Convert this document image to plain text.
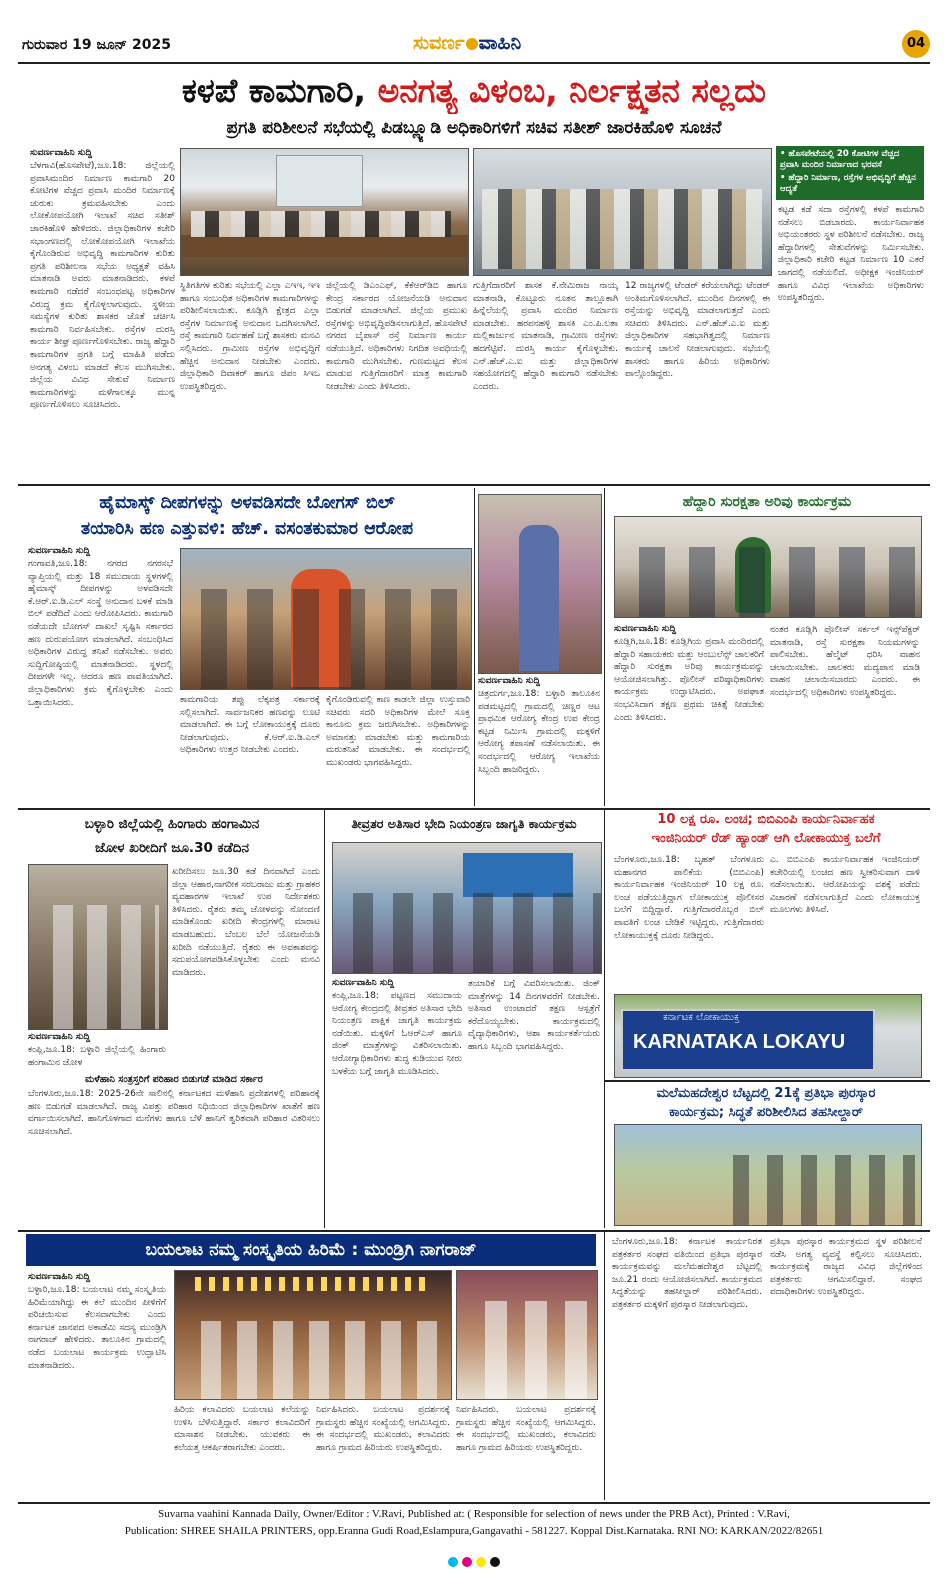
ಗುರುವಾರ 19 ಜೂನ್ 2025	ಸುವರ್ಣ ವಾಹಿನಿ	04
ಕಳಪೆ ಕಾಮಗಾರಿ, ಅನಗತ್ಯ ವಿಳಂಬ, ನಿರ್ಲಕ್ಷ್ಯತನ ಸಲ್ಲದು
ಪ್ರಗತಿ ಪರಿಶೀಲನೆ ಸಭೆಯಲ್ಲಿ ಪಿಡಬ್ಲ್ಯೂಡಿ ಅಧಿಕಾರಿಗಳಿಗೆ ಸಚಿವ ಸತೀಶ್ ಜಾರಕಿಹೊಳಿ ಸೂಚನೆ
ಸುವರ್ಣವಾಹಿನಿ ಸುದ್ದಿ
ಬೆಳಗಾವಿ(ಹೊಸಪೇಟೆ),ಜೂ.18: ಜಿಲ್ಲೆಯಲ್ಲಿ ಪ್ರವಾಸಿಮಂದಿರ ನಿರ್ಮಾಣ ಕಾಮಗಾರಿ 20 ಕೋಟಿಗಳ ವೆಚ್ಚದ ಪ್ರವಾಸಿ ಮಂದಿರ ನಿರ್ಮಾಣಕ್ಕೆ ಚುರುಕು ಕ್ರಮವಹಿಸಬೇಕು ಎಂದು ಲೋಕೋಪಯೋಗಿ ಇಲಾಖೆ ಸಚಿವ ಸತೀಶ್ ಜಾರಕಿಹೊಳಿ ಹೇಳಿದರು. ಜಿಲ್ಲಾಧಿಕಾರಿಗಳ ಕಚೇರಿ ಸಭಾಂಗಣದಲ್ಲಿ ಲೋಕೋಪಯೋಗಿ ಇಲಾಖೆಯ ಕೈಗೊಂಡಿರುವ ಅಭಿವೃದ್ಧಿ ಕಾಮಗಾರಿಗಳ ಕುರಿತು ಪ್ರಗತಿ ಪರಿಶೀಲನಾ ಸಭೆಯ ಅಧ್ಯಕ್ಷತೆ ವಹಿಸಿ ಮಾತನಾಡಿ ಅವರು ಮಾತನಾಡಿದರು. ಕಳಪೆ ಕಾಮಗಾರಿ ನಡೆದರೆ ಸಂಬಂಧಪಟ್ಟ ಅಧಿಕಾರಿಗಳ ವಿರುದ್ಧ ಕ್ರಮ ಕೈಗೊಳ್ಳಲಾಗುವುದು. ಸ್ಥಳೀಯ ಸಮಸ್ಯೆಗಳ ಕುರಿತು ಶಾಸಕರ ಜೊತೆ ಚರ್ಚಿಸಿ ಕಾಮಗಾರಿ ನಿರ್ವಹಿಸಬೇಕು. ರಸ್ತೆಗಳ ದುರಸ್ತಿ ಕಾರ್ಯ ಶೀಘ್ರ ಪೂರ್ಣಗೊಳಿಸಬೇಕು. ರಾಜ್ಯ ಹೆದ್ದಾರಿ ಕಾಮಗಾರಿಗಳ ಪ್ರಗತಿ ಬಗ್ಗೆ ಮಾಹಿತಿ ಪಡೆದು ಅನಗತ್ಯ ವಿಳಂಬ ಮಾಡದೆ ಕೆಲಸ ಮುಗಿಸಬೇಕು. ಜಿಲ್ಲೆಯ ವಿವಿಧ ಸೇತುವೆ ನಿರ್ಮಾಣ ಕಾಮಗಾರಿಗಳನ್ನು ಮಳೆಗಾಲಕ್ಕೂ ಮುನ್ನ ಪೂರ್ಣಗೊಳಿಸಲು ಸೂಚಿಸಿದರು.
ಸ್ಥಿತಿಗತಿಗಳ ಕುರಿತು ಸಭೆಯಲ್ಲಿ ಎಲ್ಲಾ ಎಇಇ, ಇಇ ಹಾಗೂ ಸಂಬಂಧಿತ ಅಧಿಕಾರಿಗಳ ಕಾಮಗಾರಿಗಳನ್ನು ಪರಿಶೀಲಿಸಲಾಯಿತು. ಕೂಡ್ಲಿಗಿ ಕ್ಷೇತ್ರದ ಎಲ್ಲಾ ರಸ್ತೆಗಳ ನಿರ್ಮಾಣಕ್ಕೆ ಅನುದಾನ ಒದಗಿಸಲಾಗಿದೆ. ರಸ್ತೆ ಕಾಮಗಾರಿ ನಿರ್ವಹಣೆ ಬಗ್ಗೆ ಶಾಸಕರು ಮನವಿ ಸಲ್ಲಿಸಿದರು. ಗ್ರಾಮೀಣ ರಸ್ತೆಗಳ ಅಭಿವೃದ್ಧಿಗೆ ಹೆಚ್ಚಿನ ಅನುದಾನ ನೀಡಬೇಕು ಎಂದರು. ಜಿಲ್ಲಾಧಿಕಾರಿ ದಿವಾಕರ್ ಹಾಗೂ ಜಿಪಂ ಸಿಇಒ ಉಪಸ್ಥಿತರಿದ್ದರು.
ಜಿಲ್ಲೆಯಲ್ಲಿ ಡಿಎಂಎಫ್, ಕೆಕೆಆರ್‌ಡಿಬಿ ಹಾಗೂ ಕೇಂದ್ರ ಸರ್ಕಾರದ ಯೋಜನೆಯಡಿ ಅನುದಾನ ಬಿಡುಗಡೆ ಮಾಡಲಾಗಿದೆ. ಜಿಲ್ಲೆಯ ಪ್ರಮುಖ ರಸ್ತೆಗಳನ್ನು ಅಭಿವೃದ್ಧಿಪಡಿಸಲಾಗುತ್ತಿದೆ. ಹೊಸಪೇಟೆ ನಗರದ ಬೈಪಾಸ್ ರಸ್ತೆ ನಿರ್ಮಾಣ ಕಾರ್ಯ ನಡೆಯುತ್ತಿದೆ. ಅಧಿಕಾರಿಗಳು ನಿಗದಿತ ಅವಧಿಯಲ್ಲಿ ಕಾಮಗಾರಿ ಮುಗಿಸಬೇಕು. ಗುಣಮಟ್ಟದ ಕೆಲಸ ಮಾಡುವ ಗುತ್ತಿಗೆದಾರರಿಗೆ ಮಾತ್ರ ಕಾಮಗಾರಿ ನೀಡಬೇಕು ಎಂದು ತಿಳಿಸಿದರು.
ಗುತ್ತಿಗೆದಾರರಿಗೆ ಶಾಸಕ ಕೆ.ನೇಮಿರಾಜ ನಾಯ್ಕ ಮಾತನಾಡಿ, ಕೊಟ್ಟೂರು ನೂತನ ತಾಲ್ಲೂಕಾಗಿ ಹಿನ್ನೆಲೆಯಲ್ಲಿ ಪ್ರವಾಸಿ ಮಂದಿರ ನಿರ್ಮಾಣ ಮಾಡಬೇಕು. ಹರಪನಹಳ್ಳಿ ಶಾಸಕಿ ಎಂ.ಪಿ.ಲತಾ ಮಲ್ಲಿಕಾರ್ಜುನ ಮಾತನಾಡಿ, ಗ್ರಾಮೀಣ ರಸ್ತೆಗಳು ಹದಗೆಟ್ಟಿವೆ. ದುರಸ್ತಿ ಕಾರ್ಯ ಕೈಗೊಳ್ಳಬೇಕು. ಎನ್.ಹೆಚ್.ಎ.ಐ ಮತ್ತು ಜಿಲ್ಲಾಧಿಕಾರಿಗಳ ಸಹಯೋಗದಲ್ಲಿ ಹೆದ್ದಾರಿ ಕಾಮಗಾರಿ ನಡೆಸಬೇಕು ಎಂದರು.
12 ರಾಜ್ಯಗಳಲ್ಲಿ ಟೆಂಡರ್ ಕರೆಯಲಾಗಿದ್ದು ಟೆಂಡರ್ ಅಂತಿಮಗೊಳಿಸಲಾಗಿದೆ. ಮುಂದಿನ ದಿನಗಳಲ್ಲಿ ಈ ರಸ್ತೆಯನ್ನು ಅಭಿವೃದ್ಧಿ ಮಾಡಲಾಗುತ್ತದೆ ಎಂದು ಸಚಿವರು ತಿಳಿಸಿದರು. ಎನ್.ಹೆಚ್.ಎ.ಐ ಮತ್ತು ಜಿಲ್ಲಾಧಿಕಾರಿಗಳ ಸಹಭಾಗಿತ್ವದಲ್ಲಿ ನಿರ್ಮಾಣ ಕಾರ್ಯಕ್ಕೆ ಚಾಲನೆ ನೀಡಲಾಗುವುದು. ಸಭೆಯಲ್ಲಿ ಶಾಸಕರು ಹಾಗೂ ಹಿರಿಯ ಅಧಿಕಾರಿಗಳು ಪಾಲ್ಗೊಂಡಿದ್ದರು.
• ಹೊಸಪೇಟೆಯಲ್ಲಿ 20 ಕೋಟಿಗಳ ವೆಚ್ಚದ ಪ್ರವಾಸಿ ಮಂದಿರ ನಿರ್ಮಾಣದ ಭರವಸೆ
• ಹೆದ್ದಾರಿ ನಿರ್ಮಾಣ, ರಸ್ತೆಗಳ ಅಭಿವೃದ್ಧಿಗೆ ಹೆಚ್ಚಿನ ಆದ್ಯತೆ
ಕಟ್ಟಡ ಕಡೆ ಸದಾ ರಸ್ತೆಗಳಲ್ಲಿ ಕಳಪೆ ಕಾಮಗಾರಿ ನಡೆಸಲು ಬಿಡಬಾರದು. ಕಾರ್ಯನಿರ್ವಾಹಕ ಅಭಿಯಂತರರು ಸ್ಥಳ ಪರಿಶೀಲನೆ ನಡೆಸಬೇಕು. ರಾಜ್ಯ ಹೆದ್ದಾರಿಗಳಲ್ಲಿ ಸೇತುವೆಗಳನ್ನು ನಿರ್ಮಿಸಬೇಕು. ಜಿಲ್ಲಾಧಿಕಾರಿ ಕಚೇರಿ ಕಟ್ಟಡ ನಿರ್ಮಾಣ 10 ಎಕರೆ ಜಾಗದಲ್ಲಿ ನಡೆಯಲಿದೆ. ಅಧೀಕ್ಷಕ ಇಂಜಿನಿಯರ್ ಹಾಗೂ ವಿವಿಧ ಇಲಾಖೆಯ ಅಧಿಕಾರಿಗಳು ಉಪಸ್ಥಿತರಿದ್ದರು.
ಹೈಮಾಸ್ಕ್ ದೀಪಗಳನ್ನು ಅಳವಡಿಸದೇ ಬೋಗಸ್ ಬಿಲ್
ತಯಾರಿಸಿ ಹಣ ಎತ್ತುವಳಿ: ಹೆಚ್. ವಸಂತಕುಮಾರ ಆರೋಪ
ಸುವರ್ಣವಾಹಿನಿ ಸುದ್ದಿ
ಗಂಗಾವತಿ,ಜೂ.18: ನಗರದ ನಗರಸಭೆ ವ್ಯಾಪ್ತಿಯಲ್ಲಿ ಮತ್ತು 18 ಸಮುದಾಯ ಸ್ಥಳಗಳಲ್ಲಿ ಹೈಮಾಸ್ಕ್ ದೀಪಗಳನ್ನು ಅಳವಡಿಸದೇ ಕೆ.ಆರ್.ಐ.ಡಿ.ಎಲ್ ಸಂಸ್ಥೆ ಅನುದಾನ ಬಳಕೆ ಮಾಡಿ ಬಿಲ್ ಪಡೆದಿದೆ ಎಂದು ಆರೋಪಿಸಿದರು. ಕಾಮಗಾರಿ ನಡೆಯದೇ ಬೋಗಸ್ ದಾಖಲೆ ಸೃಷ್ಟಿಸಿ ಸರ್ಕಾರದ ಹಣ ದುರುಪಯೋಗ ಮಾಡಲಾಗಿದೆ. ಸಂಬಂಧಿಸಿದ ಅಧಿಕಾರಿಗಳ ವಿರುದ್ಧ ತನಿಖೆ ನಡೆಸಬೇಕು. ಅವರು ಸುದ್ದಿಗೋಷ್ಠಿಯಲ್ಲಿ ಮಾತನಾಡಿದರು. ಸ್ಥಳದಲ್ಲಿ ದೀಪಗಳೇ ಇಲ್ಲ. ಆದರೂ ಹಣ ಪಾವತಿಯಾಗಿದೆ. ಜಿಲ್ಲಾಧಿಕಾರಿಗಳು ಕ್ರಮ ಕೈಗೊಳ್ಳಬೇಕು ಎಂದು ಒತ್ತಾಯಿಸಿದರು.	ಕಾಮಗಾರಿಯ ತಪ್ಪು ಲೆಕ್ಕಪತ್ರ ಸರ್ಕಾರಕ್ಕೆ ಸಲ್ಲಿಸಲಾಗಿದೆ. ಸಾರ್ವಜನಿಕರ ಹಣವನ್ನು ಲೂಟಿ ಮಾಡಲಾಗಿದೆ. ಈ ಬಗ್ಗೆ ಲೋಕಾಯುಕ್ತಕ್ಕೆ ದೂರು ನೀಡಲಾಗುವುದು. ಕೆ.ಆರ್.ಐ.ಡಿ.ಎಲ್ ಅಧಿಕಾರಿಗಳು ಉತ್ತರ ನೀಡಬೇಕು ಎಂದರು.
ಕೈಗೊಂಡಿರುವಲ್ಲಿ ಕಾಣ ಕಾಡಲೇ ಜಿಲ್ಲಾ ಉಸ್ತುವಾರಿ ಸಚಿವರು ಸದರಿ ಅಧಿಕಾರಿಗಳ ಮೇಲೆ ಸೂಕ್ತ ಕಾನೂನು ಕ್ರಮ ಜರುಗಿಸಬೇಕು. ಅಧಿಕಾರಿಗಳನ್ನು ಅಮಾನತ್ತು ಮಾಡಬೇಕು ಮತ್ತು ಕಾಮಗಾರಿಯ ಮರುತನಿಖೆ ಮಾಡಬೇಕು. ಈ ಸಂದರ್ಭದಲ್ಲಿ ಮುಖಂಡರು ಭಾಗವಹಿಸಿದ್ದರು.
ಸುವರ್ಣವಾಹಿನಿ ಸುದ್ದಿ
ಚಿತ್ರದುರ್ಗ,ಜೂ.18: ಬಳ್ಳಾರಿ ತಾಲೂಕಿನ ಪಡಮಟ್ಟದಲ್ಲಿ ಗ್ರಾಮದಲ್ಲಿ ಚಿಣ್ಣರ ಆಟ ಪ್ರಾಥಮಿಕ ಆರೋಗ್ಯ ಕೇಂದ್ರ ಉಪ ಕೇಂದ್ರ ಕಟ್ಟಡ ನಿರ್ಮಿಸಿ ಗ್ರಾಮದಲ್ಲಿ ಮಕ್ಕಳಿಗೆ ಆರೋಗ್ಯ ತಪಾಸಣೆ ನಡೆಸಲಾಯಿತು. ಈ ಸಂದರ್ಭದಲ್ಲಿ ಆರೋಗ್ಯ ಇಲಾಖೆಯ ಸಿಬ್ಬಂದಿ ಹಾಜರಿದ್ದರು.
ಹೆದ್ದಾರಿ ಸುರಕ್ಷತಾ ಅರಿವು ಕಾರ್ಯಕ್ರಮ
ಸುವರ್ಣವಾಹಿನಿ ಸುದ್ದಿ
ಕೂಡ್ಲಿಗಿ,ಜೂ.18: ಕೂಡ್ಲಿಗಿಯ ಪ್ರವಾಸಿ ಮಂದಿರದಲ್ಲಿ ಹೆದ್ದಾರಿ ಸಹಾಯಕರು ಮತ್ತು ಆಂಬುಲೆನ್ಸ್ ಚಾಲಕರಿಗೆ ಹೆದ್ದಾರಿ ಸುರಕ್ಷತಾ ಅರಿವು ಕಾರ್ಯಕ್ರಮವನ್ನು ಆಯೋಜಿಸಲಾಗಿತ್ತು. ಪೊಲೀಸ್ ವರಿಷ್ಠಾಧಿಕಾರಿಗಳು ಕಾರ್ಯಕ್ರಮ ಉದ್ಘಾಟಿಸಿದರು. ಅಪಘಾತ ಸಂಭವಿಸಿದಾಗ ತಕ್ಷಣ ಪ್ರಥಮ ಚಿಕಿತ್ಸೆ ನೀಡಬೇಕು ಎಂದು ತಿಳಿಸಿದರು.
ನಂತರ ಕೂಡ್ಲಿಗಿ ಪೊಲೀಸ್ ಸರ್ಕಲ್ ಇನ್ಸ್‌ಪೆಕ್ಟರ್ ಮಾತನಾಡಿ, ರಸ್ತೆ ಸುರಕ್ಷತಾ ನಿಯಮಗಳನ್ನು ಪಾಲಿಸಬೇಕು. ಹೆಲ್ಮೆಟ್ ಧರಿಸಿ ವಾಹನ ಚಲಾಯಿಸಬೇಕು. ಚಾಲಕರು ಮದ್ಯಪಾನ ಮಾಡಿ ವಾಹನ ಚಲಾಯಿಸಬಾರದು ಎಂದರು. ಈ ಸಂದರ್ಭದಲ್ಲಿ ಅಧಿಕಾರಿಗಳು ಉಪಸ್ಥಿತರಿದ್ದರು.
10 ಲಕ್ಷ ರೂ. ಲಂಚ; ಬಿಬಿಎಂಪಿ ಕಾರ್ಯನಿರ್ವಾಹಕ
ಇಂಜಿನಿಯರ್ ರೆಡ್ ಹ್ಯಾಂಡ್ ಆಗಿ ಲೋಕಾಯುಕ್ತ ಬಲೆಗೆ
ಬೆಂಗಳೂರು,ಜೂ.18: ಬೃಹತ್ ಬೆಂಗಳೂರು ಮಹಾನಗರ ಪಾಲಿಕೆಯ (ಬಿಬಿಎಂಪಿ) ಕಾರ್ಯನಿರ್ವಾಹಕ ಇಂಜಿನಿಯರ್ 10 ಲಕ್ಷ ರೂ. ಲಂಚ ಪಡೆಯುತ್ತಿದ್ದಾಗ ಲೋಕಾಯುಕ್ತ ಪೊಲೀಸರ ಬಲೆಗೆ ಬಿದ್ದಿದ್ದಾರೆ. ಗುತ್ತಿಗೆದಾರರೊಬ್ಬರ ಬಿಲ್ ಪಾವತಿಗೆ ಲಂಚ ಬೇಡಿಕೆ ಇಟ್ಟಿದ್ದರು. ಗುತ್ತಿಗೆದಾರರು ಲೋಕಾಯುಕ್ತಕ್ಕೆ ದೂರು ನೀಡಿದ್ದರು.
ಎ. ಬಿಬಿಎಂಪಿ ಕಾರ್ಯನಿರ್ವಾಹಕ ಇಂಜಿನಿಯರ್ ಕಚೇರಿಯಲ್ಲಿ ಲಂಚದ ಹಣ ಸ್ವೀಕರಿಸುವಾಗ ದಾಳಿ ನಡೆಸಲಾಯಿತು. ಆರೋಪಿಯನ್ನು ವಶಕ್ಕೆ ಪಡೆದು ವಿಚಾರಣೆ ನಡೆಸಲಾಗುತ್ತಿದೆ ಎಂದು ಲೋಕಾಯುಕ್ತ ಮೂಲಗಳು ತಿಳಿಸಿವೆ.
ಕರ್ನಾಟಕ ಲೋಕಾಯುಕ್ತ
KARNATAKA LOKAYU
ಮಲೆಮಹದೇಶ್ವರ ಬೆಟ್ಟದಲ್ಲಿ 21ಕ್ಕೆ ಪ್ರತಿಭಾ ಪುರಸ್ಕಾರ
ಕಾರ್ಯಕ್ರಮ; ಸಿದ್ಧತೆ ಪರಿಶೀಲಿಸಿದ ತಹಸೀಲ್ದಾರ್
ಬಳ್ಳಾರಿ ಜಿಲ್ಲೆಯಲ್ಲಿ ಹಿಂಗಾರು ಹಂಗಾಮಿನ
ಜೋಳ ಖರೀದಿಗೆ ಜೂ.30 ಕಡೆದಿನ
ಸುವರ್ಣವಾಹಿನಿ ಸುದ್ದಿ
ಕಂಪ್ಲಿ,ಜೂ.18: ಬಳ್ಳಾರಿ ಜಿಲ್ಲೆಯಲ್ಲಿ ಹಿಂಗಾರು ಹಂಗಾಮಿನ ಜೋಳ
ಖರೀದಿಸಲು ಜೂ.30 ಕಡೆ ದಿನವಾಗಿದೆ ಎಂದು ಜಿಲ್ಲಾ ಆಹಾರ,ನಾಗರೀಕ ಸರಬರಾಜು ಮತ್ತು ಗ್ರಾಹಕರ ವ್ಯವಹಾರಗಳ ಇಲಾಖೆ ಉಪ ನಿರ್ದೇಶಕರು ತಿಳಿಸಿದರು. ರೈತರು ತಮ್ಮ ಜೋಳವನ್ನು ನೋಂದಣಿ ಮಾಡಿಕೊಂಡು ಖರೀದಿ ಕೇಂದ್ರಗಳಲ್ಲಿ ಮಾರಾಟ ಮಾಡಬಹುದು. ಬೆಂಬಲ ಬೆಲೆ ಯೋಜನೆಯಡಿ ಖರೀದಿ ನಡೆಯುತ್ತಿದೆ. ರೈತರು ಈ ಅವಕಾಶವನ್ನು ಸದುಪಯೋಗಪಡಿಸಿಕೊಳ್ಳಬೇಕು ಎಂದು ಮನವಿ ಮಾಡಿದರು.
ಮಳೆಹಾನಿ ಸಂತ್ರಸ್ತರಿಗೆ ಪರಿಹಾರ ಬಿಡುಗಡೆ ಮಾಡಿದ ಸರ್ಕಾರ
ಬೆಂಗಳೂರು,ಜೂ.18: 2025-26ನೇ ಸಾಲಿನಲ್ಲಿ ಕರ್ನಾಟಕದ ಮಳೆಹಾನಿ ಪ್ರದೇಶಗಳಲ್ಲಿ ಪರಿಹಾರಕ್ಕೆ ಹಣ ಬಿಡುಗಡೆ ಮಾಡಲಾಗಿದೆ. ರಾಜ್ಯ ವಿಪತ್ತು ಪರಿಹಾರ ನಿಧಿಯಿಂದ ಜಿಲ್ಲಾಧಿಕಾರಿಗಳ ಖಾತೆಗೆ ಹಣ ವರ್ಗಾಯಿಸಲಾಗಿದೆ. ಹಾನಿಗೊಳಗಾದ ಮನೆಗಳು ಹಾಗೂ ಬೆಳೆ ಹಾನಿಗೆ ತ್ವರಿತವಾಗಿ ಪರಿಹಾರ ವಿತರಿಸಲು ಸೂಚಿಸಲಾಗಿದೆ.
ತೀವ್ರತರ ಅತಿಸಾರ ಭೇದಿ ನಿಯಂತ್ರಣ ಜಾಗೃತಿ ಕಾರ್ಯಕ್ರಮ
ಸುವರ್ಣವಾಹಿನಿ ಸುದ್ದಿ
ಕಂಪ್ಲಿ,ಜೂ.18: ಪಟ್ಟಣದ ಸಮುದಾಯ ಆರೋಗ್ಯ ಕೇಂದ್ರದಲ್ಲಿ ತೀವ್ರತರ ಅತಿಸಾರ ಭೇದಿ ನಿಯಂತ್ರಣ ಪಾಕ್ಷಿಕ ಜಾಗೃತಿ ಕಾರ್ಯಕ್ರಮ ನಡೆಯಿತು. ಮಕ್ಕಳಿಗೆ ಓಆರ್‌ಎಸ್ ಹಾಗೂ ಜಿಂಕ್ ಮಾತ್ರೆಗಳನ್ನು ವಿತರಿಸಲಾಯಿತು. ಆರೋಗ್ಯಾಧಿಕಾರಿಗಳು ಶುದ್ಧ ಕುಡಿಯುವ ನೀರು ಬಳಕೆಯ ಬಗ್ಗೆ ಜಾಗೃತಿ ಮೂಡಿಸಿದರು.
ತಯಾರಿಕೆ ಬಗ್ಗೆ ವಿವರಿಸಲಾಯಿತು. ಜಿಂಕ್ ಮಾತ್ರೆಗಳನ್ನು 14 ದಿನಗಳವರೆಗೆ ನೀಡಬೇಕು. ಅತಿಸಾರ ಉಂಟಾದರೆ ತಕ್ಷಣ ಆಸ್ಪತ್ರೆಗೆ ಕರೆದೊಯ್ಯಬೇಕು. ಕಾರ್ಯಕ್ರಮದಲ್ಲಿ ವೈದ್ಯಾಧಿಕಾರಿಗಳು, ಆಶಾ ಕಾರ್ಯಕರ್ತೆಯರು ಹಾಗೂ ಸಿಬ್ಬಂದಿ ಭಾಗವಹಿಸಿದ್ದರು.
ಬಯಲಾಟ ನಮ್ಮ ಸಂಸ್ಕೃತಿಯ ಹಿರಿಮೆ : ಮುಂಡ್ರಿಗಿ ನಾಗರಾಜ್
ಸುವರ್ಣವಾಹಿನಿ ಸುದ್ದಿ
ಬಳ್ಳಾರಿ,ಜೂ.18: ಬಯಲಾಟ ನಮ್ಮ ಸಂಸ್ಕೃತಿಯ ಹಿರಿಮೆಯಾಗಿದ್ದು ಈ ಕಲೆ ಮುಂದಿನ ಪೀಳಿಗೆಗೆ ಪರಿಚಯಿಸುವ ಕೆಲಸವಾಗಬೇಕು ಎಂದು ಕರ್ನಾಟಕ ಜಾನಪದ ಅಕಾಡೆಮಿ ಸದಸ್ಯ ಮುಂಡ್ರಿಗಿ ನಾಗರಾಜ್ ಹೇಳಿದರು. ತಾಲೂಕಿನ ಗ್ರಾಮದಲ್ಲಿ ನಡೆದ ಬಯಲಾಟ ಕಾರ್ಯಕ್ರಮ ಉದ್ಘಾಟಿಸಿ ಮಾತನಾಡಿದರು.
ಹಿರಿಯ ಕಲಾವಿದರು ಬಯಲಾಟ ಕಲೆಯನ್ನು ಉಳಿಸಿ ಬೆಳೆಸುತ್ತಿದ್ದಾರೆ. ಸರ್ಕಾರ ಕಲಾವಿದರಿಗೆ ಮಾಸಾಶನ ನೀಡಬೇಕು. ಯುವಕರು ಈ ಕಲೆಯತ್ತ ಆಕರ್ಷಿತರಾಗಬೇಕು ಎಂದರು.
ನಿರ್ವಹಿಸಿದರು. ಬಯಲಾಟ ಪ್ರದರ್ಶನಕ್ಕೆ ಗ್ರಾಮಸ್ಥರು ಹೆಚ್ಚಿನ ಸಂಖ್ಯೆಯಲ್ಲಿ ಆಗಮಿಸಿದ್ದರು. ಈ ಸಂದರ್ಭದಲ್ಲಿ ಮುಖಂಡರು, ಕಲಾವಿದರು ಹಾಗೂ ಗ್ರಾಮದ ಹಿರಿಯರು ಉಪಸ್ಥಿತರಿದ್ದರು.
ನಿರ್ವಹಿಸಿದರು. ಬಯಲಾಟ ಪ್ರದರ್ಶನಕ್ಕೆ ಗ್ರಾಮಸ್ಥರು ಹೆಚ್ಚಿನ ಸಂಖ್ಯೆಯಲ್ಲಿ ಆಗಮಿಸಿದ್ದರು. ಈ ಸಂದರ್ಭದಲ್ಲಿ ಮುಖಂಡರು, ಕಲಾವಿದರು ಹಾಗೂ ಗ್ರಾಮದ ಹಿರಿಯರು ಉಪಸ್ಥಿತರಿದ್ದರು.
ಬೆಂಗಳೂರು,ಜೂ.18: ಕರ್ನಾಟಕ ಕಾರ್ಯನಿರತ ಪತ್ರಕರ್ತರ ಸಂಘದ ವತಿಯಿಂದ ಪ್ರತಿಭಾ ಪುರಸ್ಕಾರ ಕಾರ್ಯಕ್ರಮವನ್ನು ಮಲೆಮಹದೇಶ್ವರ ಬೆಟ್ಟದಲ್ಲಿ ಜೂ.21 ರಂದು ಆಯೋಜಿಸಲಾಗಿದೆ. ಕಾರ್ಯಕ್ರಮದ ಸಿದ್ಧತೆಯನ್ನು ತಹಸೀಲ್ದಾರ್ ಪರಿಶೀಲಿಸಿದರು. ಪತ್ರಕರ್ತರ ಮಕ್ಕಳಿಗೆ ಪುರಸ್ಕಾರ ನೀಡಲಾಗುವುದು.
ಪ್ರತಿಭಾ ಪುರಸ್ಕಾರ ಕಾರ್ಯಕ್ರಮದ ಸ್ಥಳ ಪರಿಶೀಲನೆ ನಡೆಸಿ ಅಗತ್ಯ ವ್ಯವಸ್ಥೆ ಕಲ್ಪಿಸಲು ಸೂಚಿಸಿದರು. ಕಾರ್ಯಕ್ರಮಕ್ಕೆ ರಾಜ್ಯದ ವಿವಿಧ ಜಿಲ್ಲೆಗಳಿಂದ ಪತ್ರಕರ್ತರು ಆಗಮಿಸಲಿದ್ದಾರೆ. ಸಂಘದ ಪದಾಧಿಕಾರಿಗಳು ಉಪಸ್ಥಿತರಿದ್ದರು.
Suvarna vaahini Kannada Daily, Owner/Editor : V.Ravi, Published at: ( Responsible for selection of news under the PRB Act), Printed : V.Ravi,
Publication: SHREE SHAILA PRINTERS, opp.Eranna Gudi Road,Eslampura,Gangavathi - 581227. Koppal Dist.Karnataka. RNI NO: KARKAN/2022/82651
